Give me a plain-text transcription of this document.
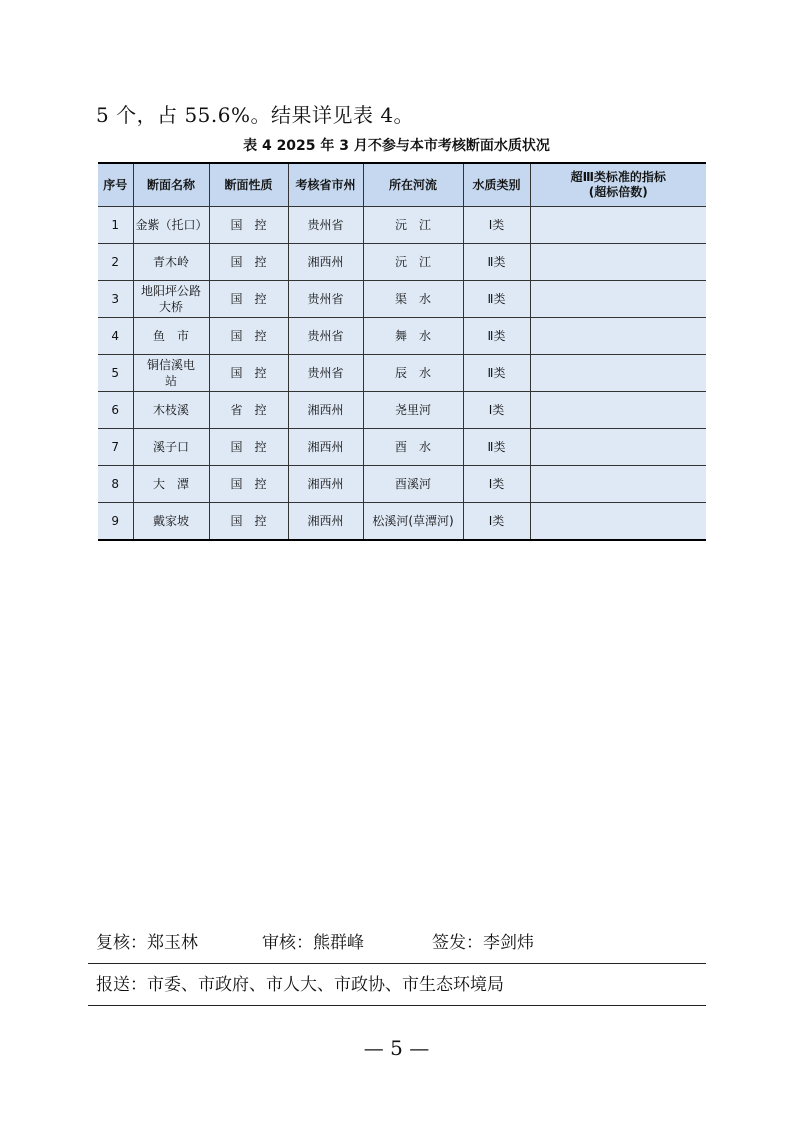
5 个，占 55.6%。结果详见表 4。
表 4 2025 年 3 月不参与本市考核断面水质状况
序号	断面名称	断面性质	考核省市州	所在河流	水质类别	超Ⅲ类标准的指标
(超标倍数)

1	金紫（托口）	国　控	贵州省	沅　江	Ⅰ类	
2	青木岭	国　控	湘西州	沅　江	Ⅱ类	
3	地阳坪公路大桥	国　控	贵州省	渠　水	Ⅱ类	
4	鱼　市	国　控	贵州省	舞　水	Ⅱ类	
5	铜信溪电　站	国　控	贵州省	辰　水	Ⅱ类	
6	木枝溪	省　控	湘西州	尧里河	Ⅰ类	
7	溪子口	国　控	湘西州	酉　水	Ⅱ类	
8	大　潭	国　控	湘西州	酉溪河	Ⅰ类	
9	戴家坡	国　控	湘西州	松溪河(草潭河)	Ⅰ类	
复核：郑玉林	审核：熊群峰	签发：李剑炜
报送：市委、市政府、市人大、市政协、市生态环境局
— 5 —
